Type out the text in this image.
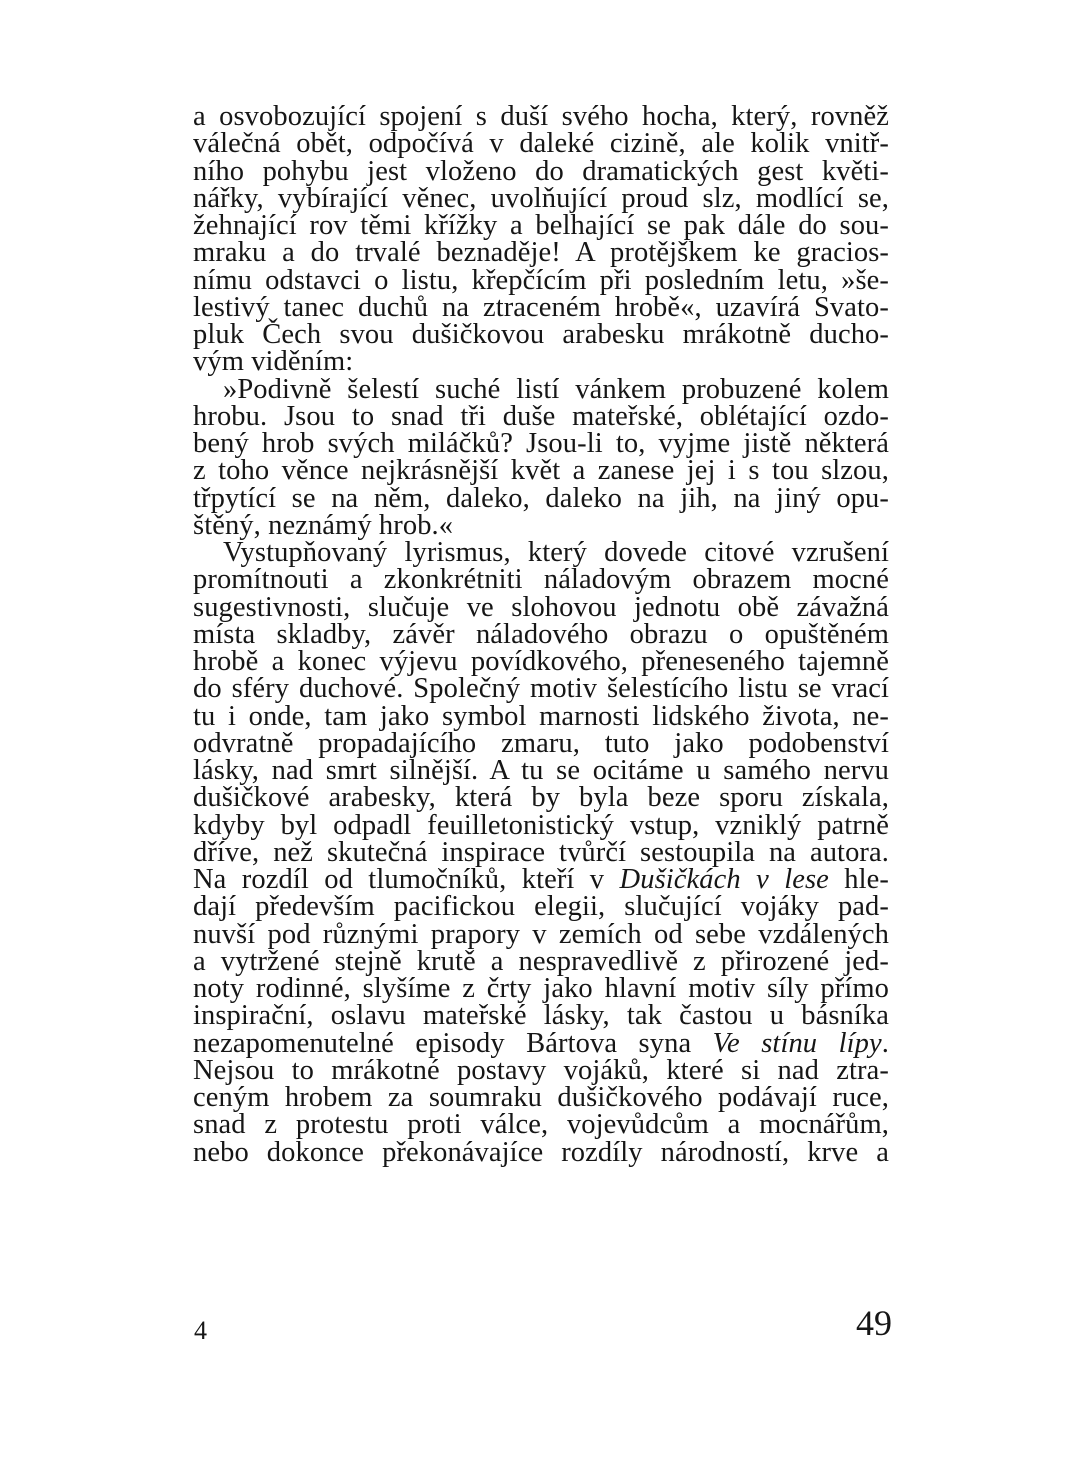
a osvobozující spojení s duší svého hocha, který, rovněž
válečná obět, odpočívá v daleké cizině, ale kolik vnitř-
ního pohybu jest vloženo do dramatických gest květi-
nářky, vybírající věnec, uvolňující proud slz, modlící se,
žehnající rov těmi křížky a belhající se pak dále do sou-
mraku a do trvalé beznaděje! A protějškem ke gracios-
nímu odstavci o listu, křepčícím při posledním letu, »še-
lestivý tanec duchů na ztraceném hrobě«, uzavírá Svato-
pluk Čech svou dušičkovou arabesku mrákotně ducho-
vým viděním:
»Podivně šelestí suché listí vánkem probuzené kolem
hrobu. Jsou to snad tři duše mateřské, oblétající ozdo-
bený hrob svých miláčků? Jsou-li to, vyjme jistě některá
z toho věnce nejkrásnější květ a zanese jej i s tou slzou,
třpytící se na něm, daleko, daleko na jih, na jiný opu-
štěný, neznámý hrob.«
Vystupňovaný lyrismus, který dovede citové vzrušení
promítnouti a zkonkrétniti náladovým obrazem mocné
sugestivnosti, slučuje ve slohovou jednotu obě závažná
místa skladby, závěr náladového obrazu o opuštěném
hrobě a konec výjevu povídkového, přeneseného tajemně
do sféry duchové. Společný motiv šelestícího listu se vrací
tu i onde, tam jako symbol marnosti lidského života, ne-
odvratně propadajícího zmaru, tuto jako podobenství
lásky, nad smrt silnější. A tu se ocitáme u samého nervu
dušičkové arabesky, která by byla beze sporu získala,
kdyby byl odpadl feuilletonistický vstup, vzniklý patrně
dříve, než skutečná inspirace tvůrčí sestoupila na autora.
Na rozdíl od tlumočníků, kteří v Dušičkách v lese hle-
dají především pacifickou elegii, slučující vojáky pad-
nuvší pod různými prapory v zemích od sebe vzdálených
a vytržené stejně krutě a nespravedlivě z přirozené jed-
noty rodinné, slyšíme z črty jako hlavní motiv síly přímo
inspirační, oslavu mateřské lásky, tak častou u básníka
nezapomenutelné episody Bártova syna Ve stínu lípy.
Nejsou to mrákotné postavy vojáků, které si nad ztra-
ceným hrobem za soumraku dušičkového podávají ruce,
snad z protestu proti válce, vojevůdcům a mocnářům,
nebo dokonce překonávajíce rozdíly národností, krve a
4	49
